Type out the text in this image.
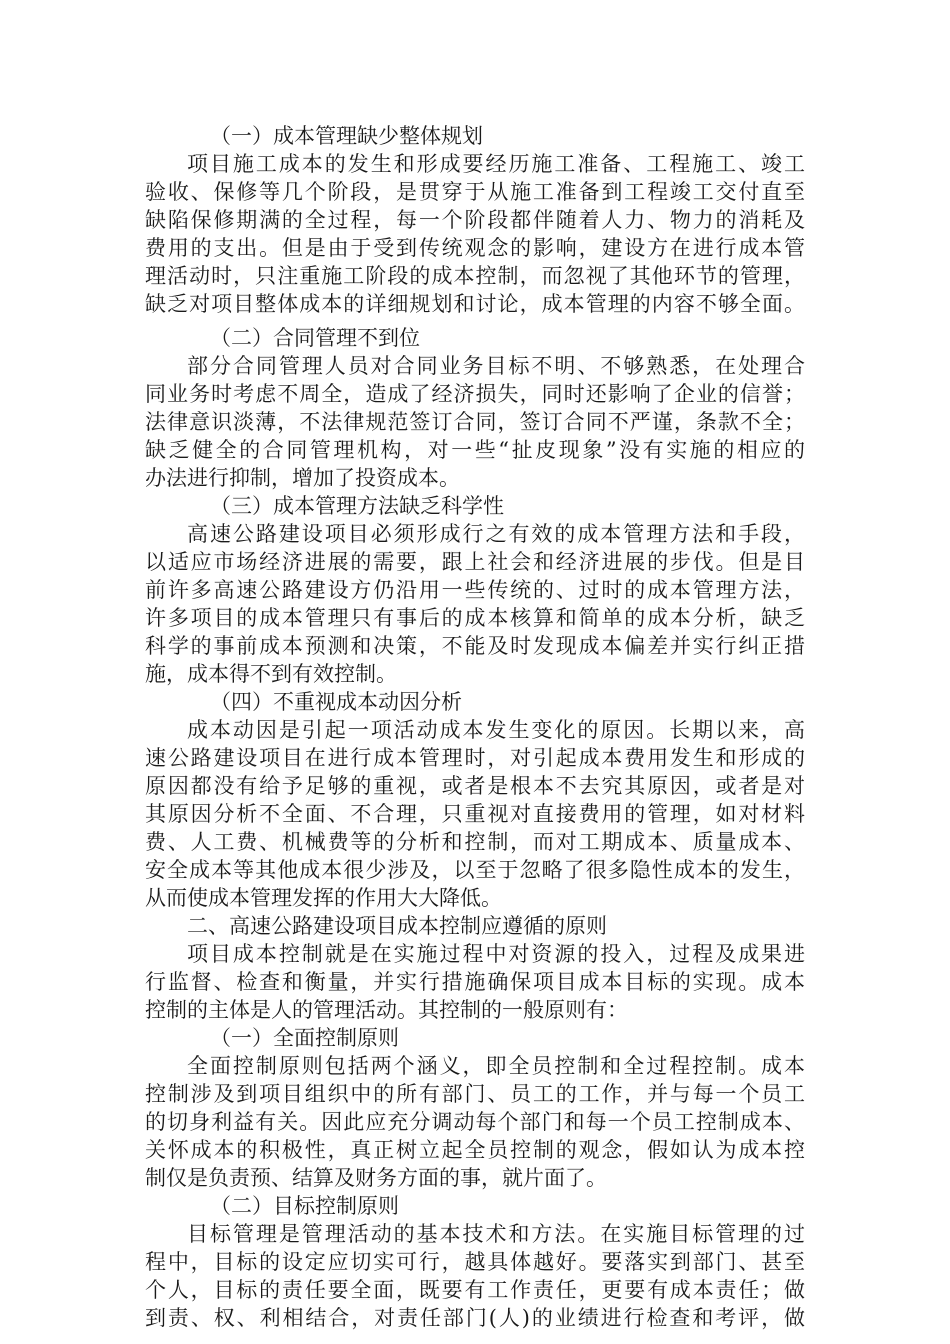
（一）成本管理缺少整体规划
项目施工成本的发生和形成要经历施工准备、工程施工、竣工
验收、保修等几个阶段，是贯穿于从施工准备到工程竣工交付直至
缺陷保修期满的全过程，每一个阶段都伴随着人力、物力的消耗及
费用的支出。但是由于受到传统观念的影响，建设方在进行成本管
理活动时，只注重施工阶段的成本控制，而忽视了其他环节的管理，
缺乏对项目整体成本的详细规划和讨论，成本管理的内容不够全面。
（二）合同管理不到位
部分合同管理人员对合同业务目标不明、不够熟悉，在处理合
同业务时考虑不周全，造成了经济损失，同时还影响了企业的信誉；
法律意识淡薄，不法律规范签订合同，签订合同不严谨，条款不全；
缺乏健全的合同管理机构，对一些“扯皮现象”没有实施的相应的
办法进行抑制，增加了投资成本。
（三）成本管理方法缺乏科学性
高速公路建设项目必须形成行之有效的成本管理方法和手段，
以适应市场经济进展的需要，跟上社会和经济进展的步伐。但是目
前许多高速公路建设方仍沿用一些传统的、过时的成本管理方法，
许多项目的成本管理只有事后的成本核算和简单的成本分析，缺乏
科学的事前成本预测和决策，不能及时发现成本偏差并实行纠正措
施，成本得不到有效控制。
（四）不重视成本动因分析
成本动因是引起一项活动成本发生变化的原因。长期以来，高
速公路建设项目在进行成本管理时，对引起成本费用发生和形成的
原因都没有给予足够的重视，或者是根本不去究其原因，或者是对
其原因分析不全面、不合理，只重视对直接费用的管理，如对材料
费、人工费、机械费等的分析和控制，而对工期成本、质量成本、
安全成本等其他成本很少涉及，以至于忽略了很多隐性成本的发生，
从而使成本管理发挥的作用大大降低。
二、高速公路建设项目成本控制应遵循的原则
项目成本控制就是在实施过程中对资源的投入，过程及成果进
行监督、检查和衡量，并实行措施确保项目成本目标的实现。成本
控制的主体是人的管理活动。其控制的一般原则有：
（一）全面控制原则
全面控制原则包括两个涵义，即全员控制和全过程控制。成本
控制涉及到项目组织中的所有部门、员工的工作，并与每一个员工
的切身利益有关。因此应充分调动每个部门和每一个员工控制成本、
关怀成本的积极性，真正树立起全员控制的观念，假如认为成本控
制仅是负责预、结算及财务方面的事，就片面了。
（二）目标控制原则
目标管理是管理活动的基本技术和方法。在实施目标管理的过
程中，目标的设定应切实可行，越具体越好。要落实到部门、甚至
个人，目标的责任要全面，既要有工作责任，更要有成本责任；做
到责、权、利相结合，对责任部门(人)的业绩进行检查和考评，做
